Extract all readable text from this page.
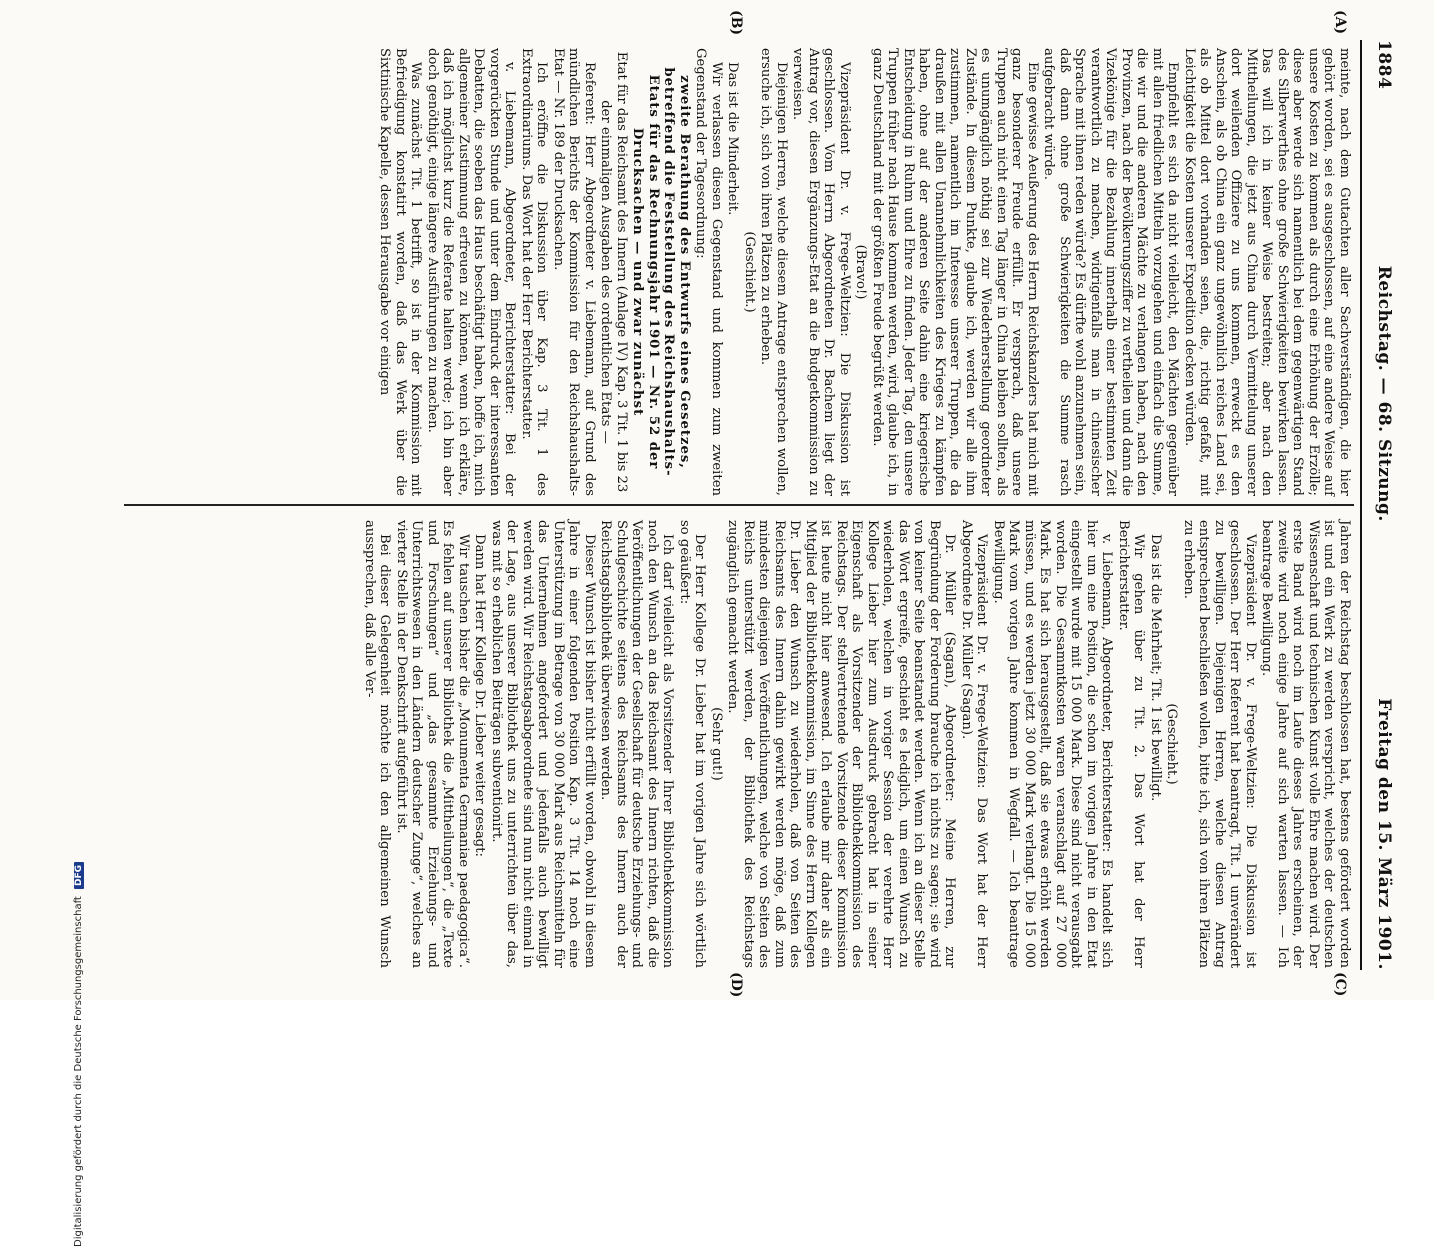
1884
Reichstag. — 68. Sitzung.
Freitag den 15. März 1901.
(A)
(B)
(C)
(D)

meinte, nach dem Gutachten aller Sachverständigen, die hier gehört worden, sei es ausgeschlossen, auf eine andere Weise auf unsere Kosten zu kommen als durch eine Erhöhung der Erzölle; diese aber werde sich namentlich bei dem gegenwärtigen Stand des Silberwerthes ohne große Schwierigkeiten bewirken lassen. Das will ich in keiner Weise bestreiten; aber nach den Mittheilungen, die jetzt aus China durch Vermittelung unserer dort weilenden Offiziere zu uns kommen, erweckt es den Anschein, als ob China ein ganz ungewöhnlich reiches Land sei, als ob Mittel dort vorhanden seien, die, richtig gefaßt, mit Leichtigkeit die Kosten unserer Expedition decken würden.

Empfiehlt es sich da nicht vielleicht, den Mächten gegenüber mit allen friedlichen Mitteln vorzugehen und einfach die Summe, die wir und die anderen Mächte zu verlangen haben, nach den Provinzen, nach der Bevölkerungsziffer zu vertheilen und dann die Vizekönige für die Bezahlung innerhalb einer bestimmten Zeit verantwortlich zu machen, widrigenfalls man in chinesischer Sprache mit ihnen reden würde? Es dürfte wohl anzunehmen sein, daß dann ohne große Schwierigkeiten die Summe rasch aufgebracht würde.

Eine gewisse Aeußerung des Herrn Reichskanzlers hat mich mit ganz besonderer Freude erfüllt. Er versprach, daß unsere Truppen auch nicht einen Tag länger in China bleiben sollten, als es unumgänglich nöthig sei zur Wiederherstellung geordneter Zustände. In diesem Punkte, glaube ich, werden wir alle ihm zustimmen, namentlich im Interesse unserer Truppen, die da draußen mit allen Unannehmlichkeiten des Krieges zu kämpfen haben, ohne auf der anderen Seite dahin eine kriegerische Entscheidung in Ruhm und Ehre zu finden. Jeder Tag, den unsere Truppen früher nach Hause kommen werden, wird, glaube ich, in ganz Deutschland mit der größten Freude begrüßt werden.

(Bravo!)

Vizepräsident Dr. v. Frege-Weltzien: Die Diskussion ist geschlossen. Vom Herrn Abgeordneten Dr. Bachem liegt der Antrag vor, diesen Ergänzungs-Etat an die Budgetkommission zu verweisen.

Diejenigen Herren, welche diesem Antrage entsprechen wollen, ersuche ich, sich von ihren Plätzen zu erheben.

(Geschieht.)

Das ist die Minderheit.

Wir verlassen diesen Gegenstand und kommen zum zweiten Gegenstand der Tagesordnung:

zweite Berathung des Entwurfs eines Gesetzes, betreffend die Feststellung des Reichshaushalts-Etats für das Rechnungsjahr 1901 — Nr. 52 der Drucksachen — und zwar zunächst

Etat für das Reichsamt des Innern (Anlage IV) Kap. 3 Tit. 1 bis 23 der einmaligen Ausgaben des ordentlichen Etats —

Referent: Herr Abgeordneter v. Liebemann, auf Grund des mündlichen Berichts der Kommission für den Reichshaushalts-Etat — Nr. 189 der Drucksachen.

Ich eröffne die Diskussion über Kap. 3 Tit. 1 des Extraordinariums. Das Wort hat der Herr Berichterstatter.

v. Liebemann, Abgeordneter, Berichterstatter: Bei der vorgerückten Stunde und unter dem Eindruck der interessanten Debatten, die soeben das Haus beschäftigt haben, hoffe ich, mich allgemeiner Zustimmung erfreuen zu können, wenn ich erkläre, daß ich möglichst kurz die Referate halten werde; ich bin aber doch genöthigt, einige längere Ausführungen zu machen.

Was zunächst Tit. 1 betrifft, so ist in der Kommission mit Befriedigung konstatirt worden, daß das Werk über die Sixtinische Kapelle, dessen Herausgabe vor einigen

Jahren der Reichstag beschlossen hat, bestens gefördert worden ist und ein Werk zu werden verspricht, welches der deutschen Wissenschaft und technischen Kunst volle Ehre machen wird. Der erste Band wird noch im Laufe dieses Jahres erscheinen, der zweite wird noch einige Jahre auf sich warten lassen. — Ich beantrage Bewilligung.

Vizepräsident Dr. v. Frege-Weltzien: Die Diskussion ist geschlossen. Der Herr Referent hat beantragt, Tit. 1 unverändert zu bewilligen. Diejenigen Herren, welche diesen Antrag entsprechend beschließen wollen, bitte ich, sich von ihren Plätzen zu erheben.

(Geschieht.)

Das ist die Mehrheit; Tit. 1 ist bewilligt.

Wir gehen über zu Tit. 2. Das Wort hat der Herr Berichterstatter.

v. Liebemann, Abgeordneter, Berichterstatter: Es handelt sich hier um eine Position, die schon im vorigen Jahre in den Etat eingestellt wurde mit 15 000 Mark. Diese sind nicht verausgabt worden. Die Gesammtkosten waren veranschlagt auf 27 000 Mark. Es hat sich herausgestellt, daß sie etwas erhöht werden müssen, und es werden jetzt 30 000 Mark verlangt. Die 15 000 Mark vom vorigen Jahre kommen in Wegfall. — Ich beantrage Bewilligung.

Vizepräsident Dr. v. Frege-Weltzien: Das Wort hat der Herr Abgeordnete Dr. Müller (Sagan).

Dr. Müller (Sagan), Abgeordneter: Meine Herren, zur Begründung der Forderung brauche ich nichts zu sagen; sie wird von keiner Seite beanstandet werden. Wenn ich an dieser Stelle das Wort ergreife, geschieht es lediglich, um einen Wunsch zu wiederholen, welchen in voriger Session der verehrte Herr Kollege Lieber hier zum Ausdruck gebracht hat in seiner Eigenschaft als Vorsitzender der Bibliothekkommission des Reichstags. Der stellvertretende Vorsitzende dieser Kommission ist heute nicht hier anwesend. Ich erlaube mir daher als ein Mitglied der Bibliothekkommission, im Sinne des Herrn Kollegen Dr. Lieber den Wunsch zu wiederholen, daß von Seiten des Reichsamts des Innern dahin gewirkt werden möge, daß zum mindesten diejenigen Veröffentlichungen, welche von Seiten des Reichs unterstützt werden, der Bibliothek des Reichstags zugänglich gemacht werden.

(Sehr gut!)

Der Herr Kollege Dr. Lieber hat im vorigen Jahre sich wörtlich so geäußert:

Ich darf vielleicht als Vorsitzender Ihrer Bibliothekkommission noch den Wunsch an das Reichsamt des Innern richten, daß die Veröffentlichungen der Gesellschaft für deutsche Erziehungs- und Schulgeschichte seitens des Reichsamts des Innern auch der Reichstagsbibliothek überwiesen werden.

Dieser Wunsch ist bisher nicht erfüllt worden, obwohl in diesem Jahre in einer folgenden Position Kap. 3 Tit. 14 noch eine Unterstützung im Betrage von 30 000 Mark aus Reichsmitteln für das Unternehmen angefordert und jedenfalls auch bewilligt werden wird. Wir Reichstagsabgeordnete sind nun nicht einmal in der Lage, aus unserer Bibliothek uns zu unterrichten über das, was mit so erheblichen Beiträgen subventionirt.

Dann hat Herr Kollege Dr. Lieber weiter gesagt:

Wir tauschen bisher die „Monumenta Germaniae paedagogica“. Es fehlen auf unserer Bibliothek die „Mittheilungen“, die „Texte und Forschungen“ und „das gesammte Erziehungs- und Unterrichtswesen in den Ländern deutscher Zunge“, welches an vierter Stelle in der Denkschrift aufgeführt ist.

Bei dieser Gelegenheit möchte ich den allgemeinen Wunsch aussprechen, daß alle Ver-

Digitalisierung gefördert durch die Deutsche Forschungsgemeinschaft DFG
